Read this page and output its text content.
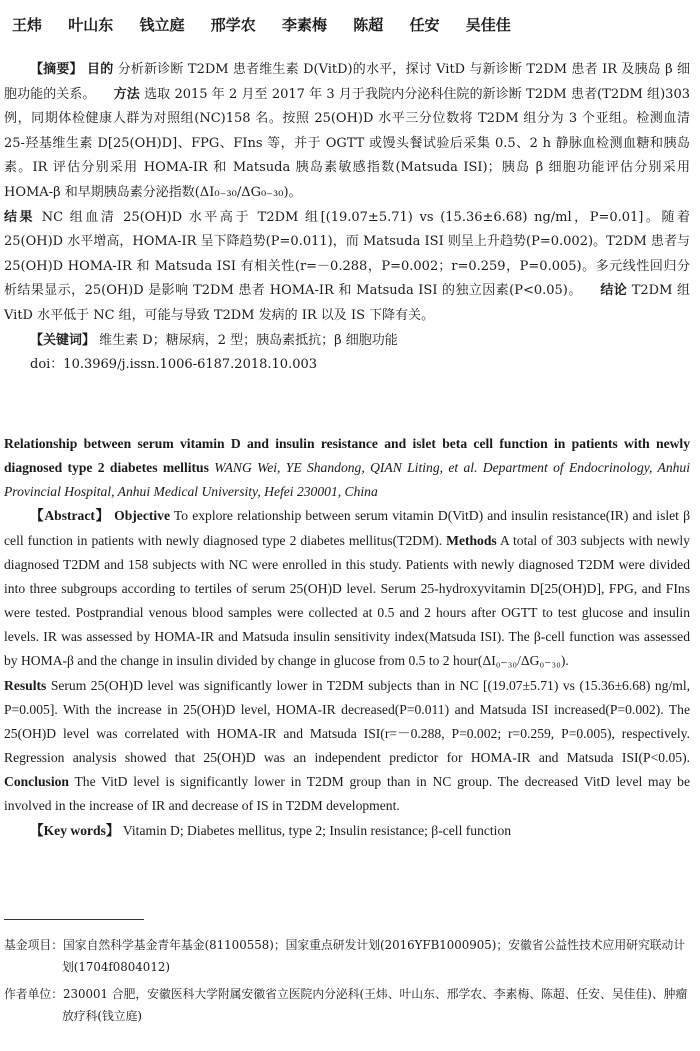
王炜 叶山东 钱立庭 邢学农 李素梅 陈超 任安 吴佳佳

【摘要】 目的 分析新诊断 T2DM 患者维生素 D(VitD)的水平，探讨 VitD 与新诊断 T2DM 患者 IR 及胰岛 β 细胞功能的关系。 方法 选取 2015 年 2 月至 2017 年 3 月于我院内分泌科住院的新诊断 T2DM 患者(T2DM 组)303 例，同期体检健康人群为对照组(NC)158 名。按照 25(OH)D 水平三分位数将 T2DM 组分为 3 个亚组。检测血清 25-羟基维生素 D[25(OH)D]、FPG、FIns 等，并于 OGTT 或馒头餐试验后采集 0.5、2 h 静脉血检测血糖和胰岛素。IR 评估分别采用 HOMA-IR 和 Matsuda 胰岛素敏感指数(Matsuda ISI)；胰岛 β 细胞功能评估分别采用 HOMA-β 和早期胰岛素分泌指数(ΔI₀₋₃₀/ΔG₀₋₃₀)。

结果 NC 组血清 25(OH)D 水平高于 T2DM 组[(19.07±5.71) vs (15.36±6.68) ng/ml，P=0.01]。随着 25(OH)D 水平增高，HOMA-IR 呈下降趋势(P=0.011)，而 Matsuda ISI 则呈上升趋势(P=0.002)。T2DM 患者与 25(OH)D HOMA-IR 和 Matsuda ISI 有相关性(r=－0.288，P=0.002；r=0.259，P=0.005)。多元线性回归分析结果显示，25(OH)D 是影响 T2DM 患者 HOMA-IR 和 Matsuda ISI 的独立因素(P<0.05)。 结论 T2DM 组 VitD 水平低于 NC 组，可能与导致 T2DM 发病的 IR 以及 IS 下降有关。

【关键词】 维生素 D；糖尿病，2 型；胰岛素抵抗；β 细胞功能

doi：10.3969/j.issn.1006-6187.2018.10.003

Relationship between serum vitamin D and insulin resistance and islet beta cell function in patients with newly diagnosed type 2 diabetes mellitus WANG Wei, YE Shandong, QIAN Liting, et al. Department of Endocrinology, Anhui Provincial Hospital, Anhui Medical University, Hefei 230001, China

【Abstract】 Objective To explore relationship between serum vitamin D(VitD) and insulin resistance(IR) and islet β cell function in patients with newly diagnosed type 2 diabetes mellitus(T2DM). Methods A total of 303 subjects with newly diagnosed T2DM and 158 subjects with NC were enrolled in this study. Patients with newly diagnosed T2DM were divided into three subgroups according to tertiles of serum 25(OH)D level. Serum 25-hydroxyvitamin D[25(OH)D], FPG, and FIns were tested. Postprandial venous blood samples were collected at 0.5 and 2 hours after OGTT to test glucose and insulin levels. IR was assessed by HOMA-IR and Matsuda insulin sensitivity index(Matsuda ISI). The β-cell function was assessed by HOMA-β and the change in insulin divided by change in glucose from 0.5 to 2 hour(ΔI₀₋₃₀/ΔG₀₋₃₀).

Results Serum 25(OH)D level was significantly lower in T2DM subjects than in NC [(19.07±5.71) vs (15.36±6.68) ng/ml, P=0.005]. With the increase in 25(OH)D level, HOMA-IR decreased(P=0.011) and Matsuda ISI increased(P=0.002). The 25(OH)D level was correlated with HOMA-IR and Matsuda ISI(r=－0.288, P=0.002; r=0.259, P=0.005), respectively. Regression analysis showed that 25(OH)D was an independent predictor for HOMA-IR and Matsuda ISI(P<0.05). Conclusion The VitD level is significantly lower in T2DM group than in NC group. The decreased VitD level may be involved in the increase of IR and decrease of IS in T2DM development.

【Key words】 Vitamin D; Diabetes mellitus, type 2; Insulin resistance; β-cell function

基金项目：国家自然科学基金青年基金(81100558)；国家重点研发计划(2016YFB1000905)；安徽省公益性技术应用研究联动计划(1704f0804012)

作者单位：230001 合肥，安徽医科大学附属安徽省立医院内分泌科(王炜、叶山东、邢学农、李素梅、陈超、任安、吴佳佳)、肿瘤放疗科(钱立庭)
